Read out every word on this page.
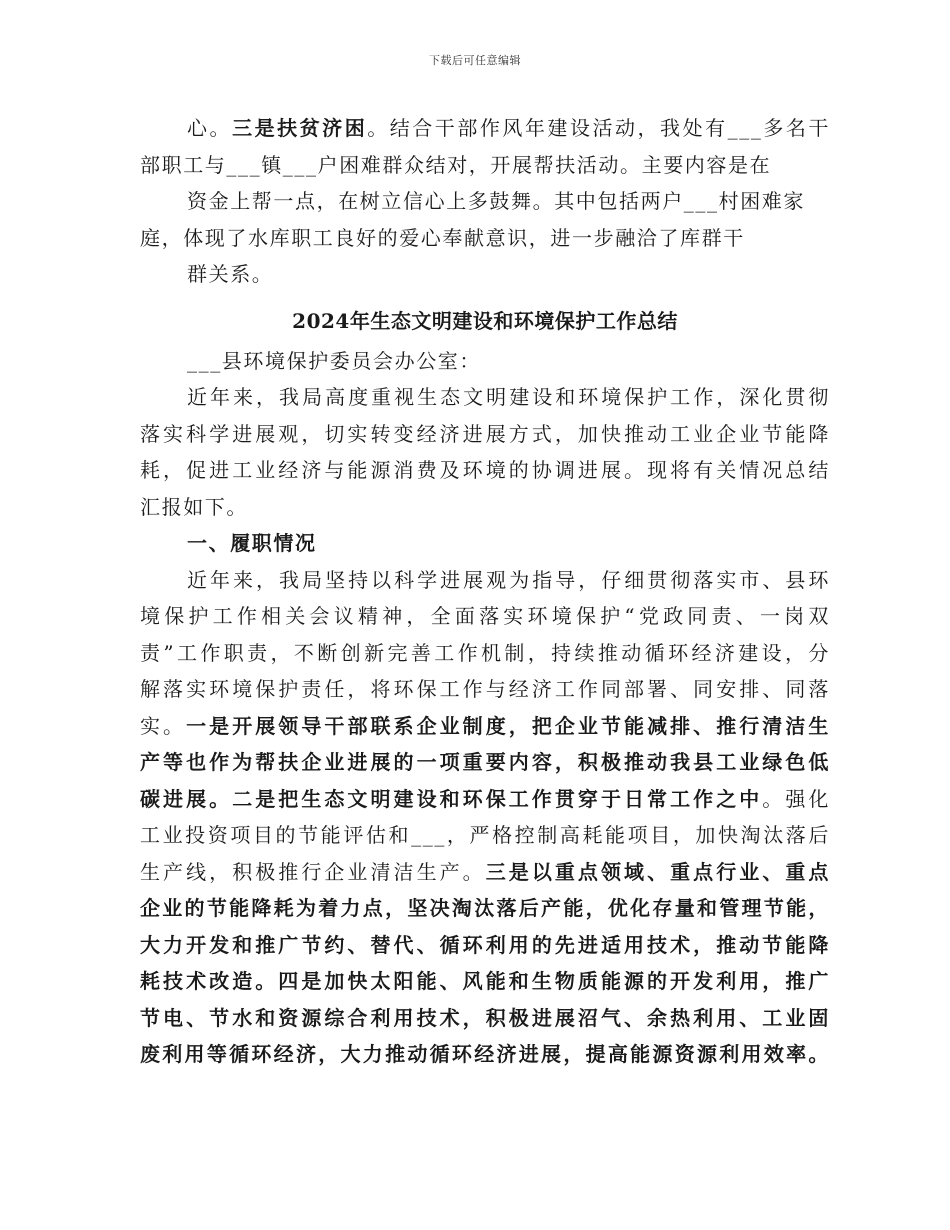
下载后可任意编辑
心。三是扶贫济困。结合干部作风年建设活动，我处有___多名干
部职工与___镇___户困难群众结对，开展帮扶活动。主要内容是在
资金上帮一点，在树立信心上多鼓舞。其中包括两户___村困难家
庭，体现了水库职工良好的爱心奉献意识，进一步融洽了库群干
群关系。
2024年生态文明建设和环境保护工作总结
___县环境保护委员会办公室：
近年来，我局高度重视生态文明建设和环境保护工作，深化贯彻
落实科学进展观，切实转变经济进展方式，加快推动工业企业节能降
耗，促进工业经济与能源消费及环境的协调进展。现将有关情况总结
汇报如下。
一、履职情况
近年来，我局坚持以科学进展观为指导，仔细贯彻落实市、县环
境保护工作相关会议精神，全面落实环境保护“党政同责、一岗双
责”工作职责，不断创新完善工作机制，持续推动循环经济建设，分
解落实环境保护责任，将环保工作与经济工作同部署、同安排、同落
实。一是开展领导干部联系企业制度，把企业节能减排、推行清洁生
产等也作为帮扶企业进展的一项重要内容，积极推动我县工业绿色低
碳进展。二是把生态文明建设和环保工作贯穿于日常工作之中。强化
工业投资项目的节能评估和___，严格控制高耗能项目，加快淘汰落后
生产线，积极推行企业清洁生产。三是以重点领域、重点行业、重点
企业的节能降耗为着力点，坚决淘汰落后产能，优化存量和管理节能，
大力开发和推广节约、替代、循环利用的先进适用技术，推动节能降
耗技术改造。四是加快太阳能、风能和生物质能源的开发利用，推广
节电、节水和资源综合利用技术，积极进展沼气、余热利用、工业固
废利用等循环经济，大力推动循环经济进展，提高能源资源利用效率。
